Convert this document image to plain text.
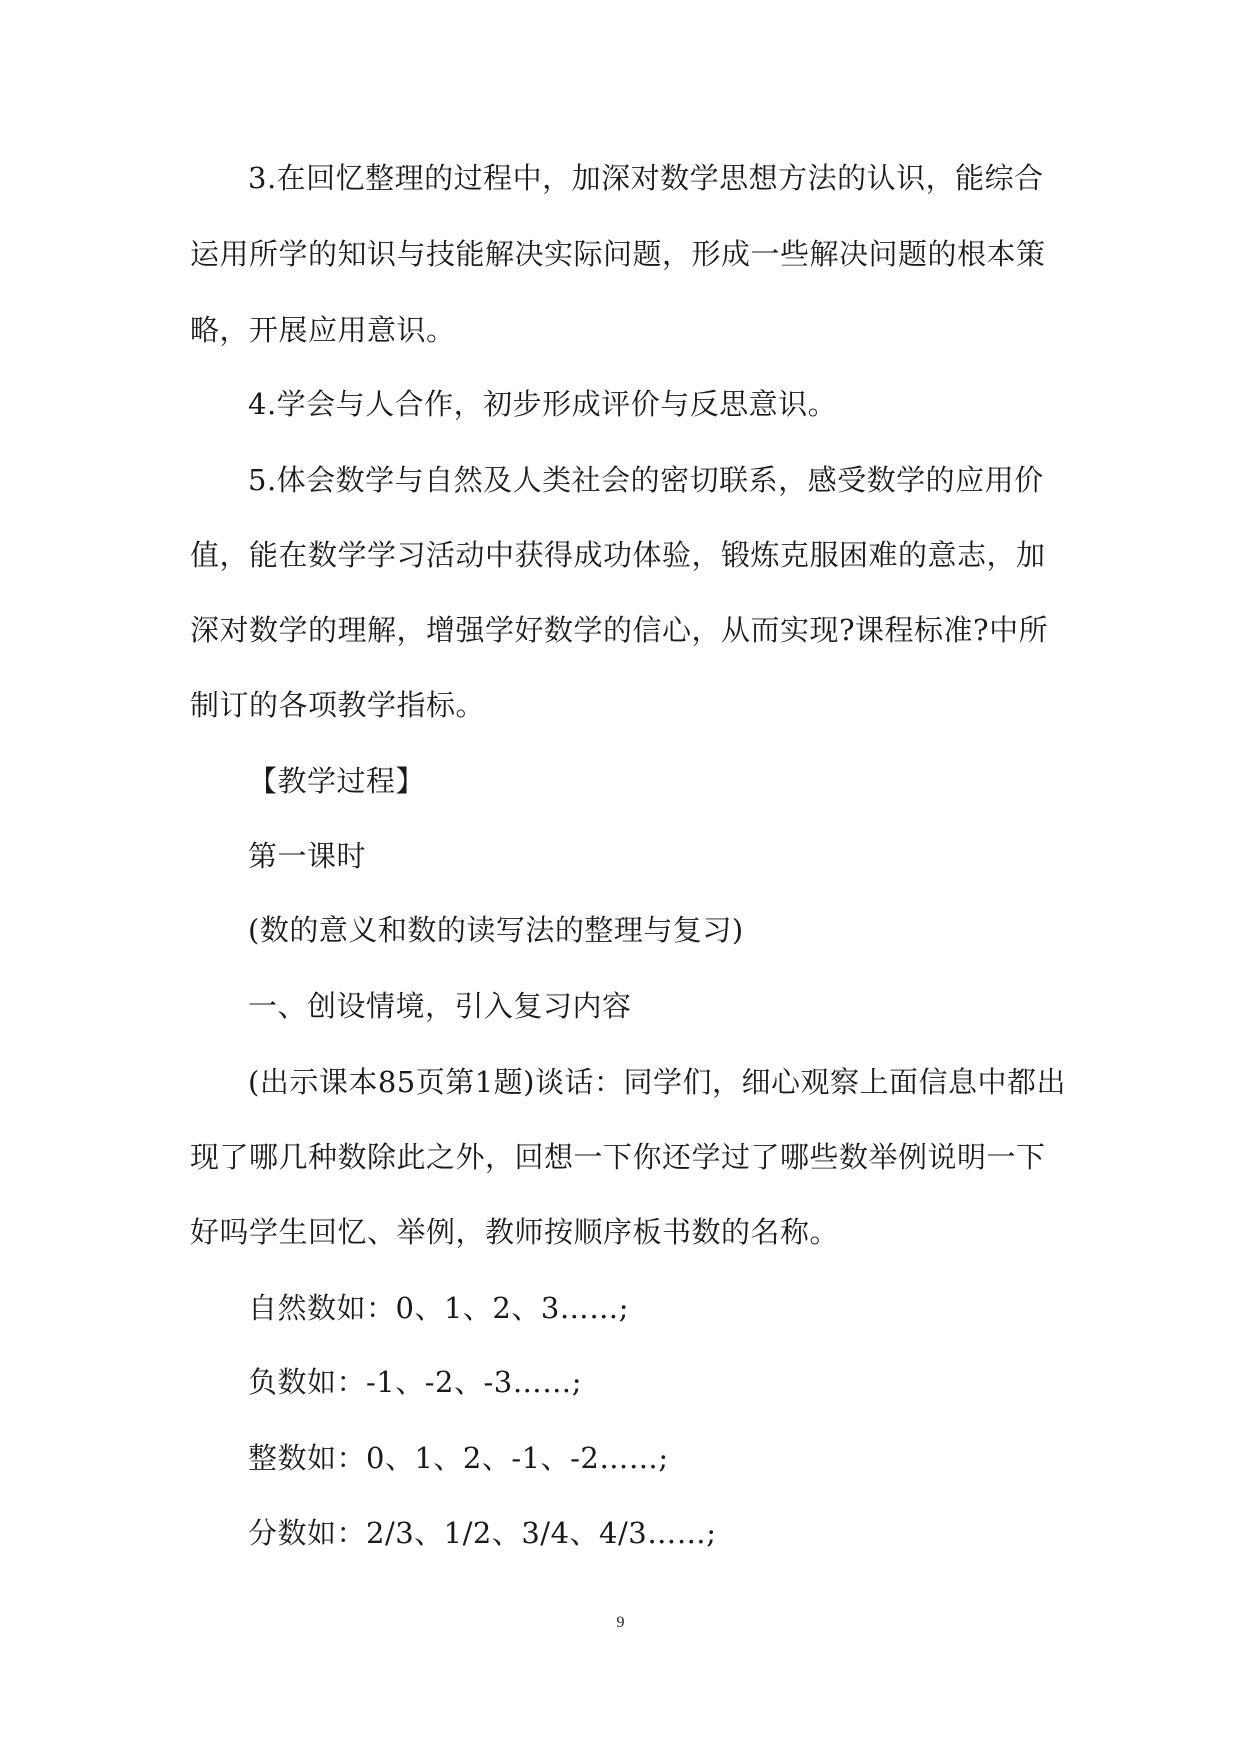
3.在回忆整理的过程中，加深对数学思想方法的认识，能综合
运用所学的知识与技能解决实际问题，形成一些解决问题的根本策
略，开展应用意识。
4.学会与人合作，初步形成评价与反思意识。
5.体会数学与自然及人类社会的密切联系，感受数学的应用价
值，能在数学学习活动中获得成功体验，锻炼克服困难的意志，加
深对数学的理解，增强学好数学的信心，从而实现?课程标准?中所
制订的各项教学指标。
【教学过程】
第一课时
(数的意义和数的读写法的整理与复习)
一、创设情境，引入复习内容
(出示课本85页第1题)谈话：同学们，细心观察上面信息中都出
现了哪几种数除此之外，回想一下你还学过了哪些数举例说明一下
好吗学生回忆、举例，教师按顺序板书数的名称。
自然数如：0、1、2、3……;
负数如：-1、-2、-3……;
整数如：0、1、2、-1、-2……;
分数如：2/3、1/2、3/4、4/3……;
9
